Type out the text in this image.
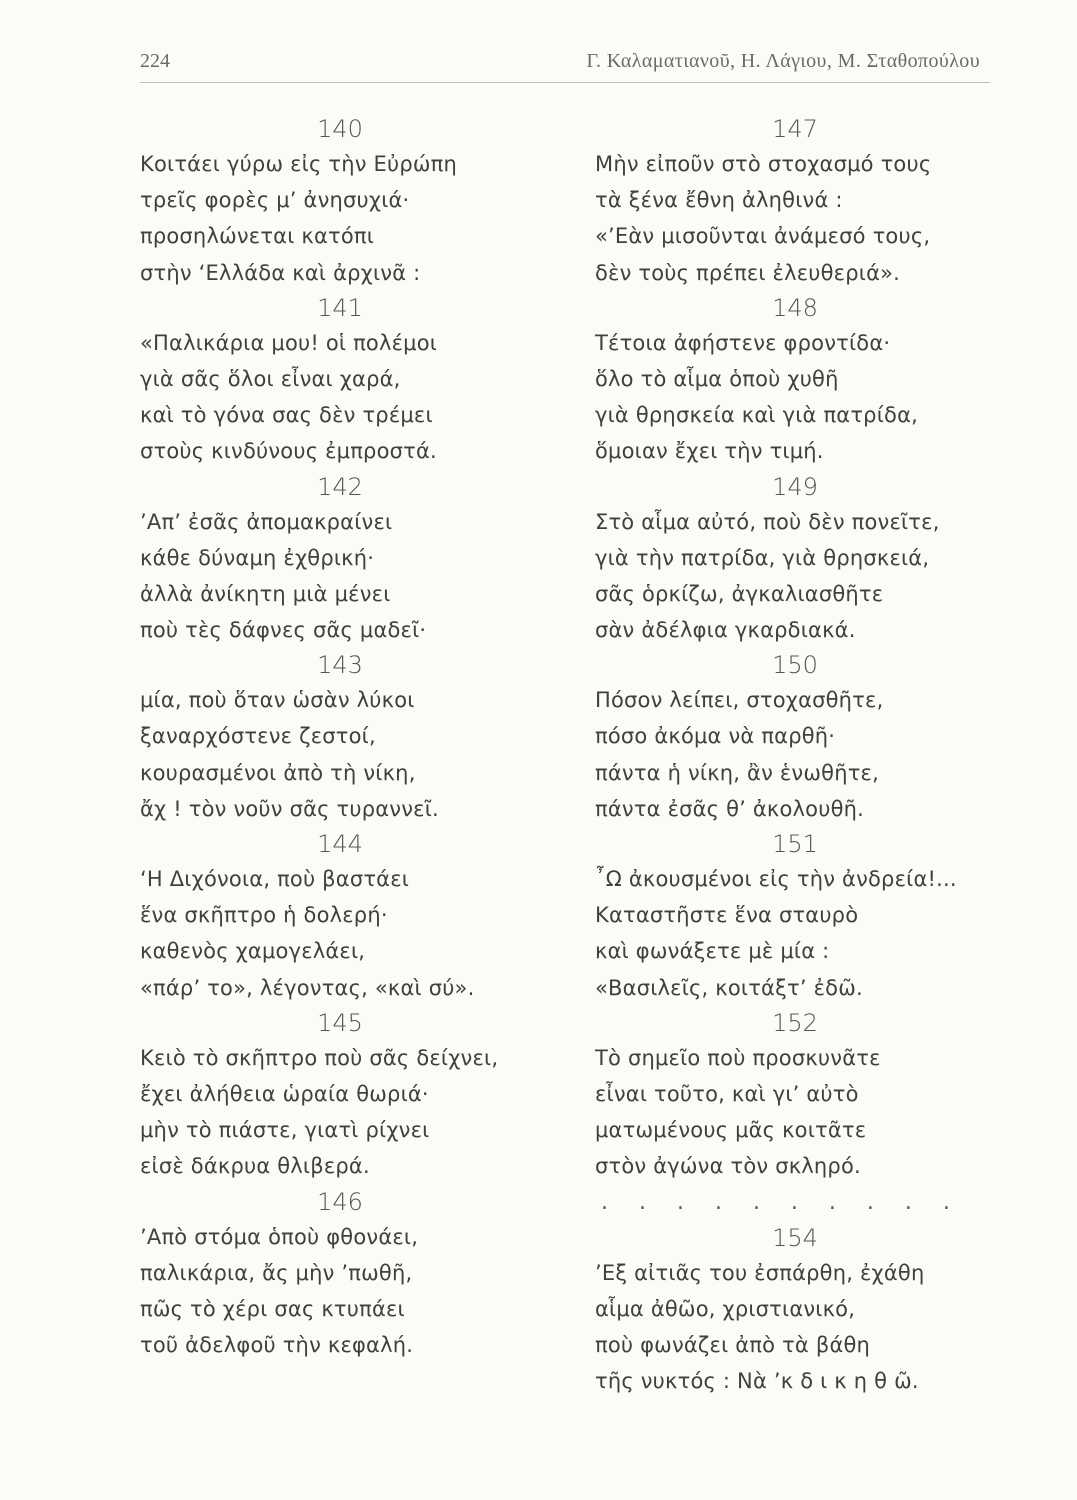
224	Γ. Καλαματιανοῦ, Η. Λάγιου, Μ. Σταθοπούλου
140
Κοιτάει γύρω εἰς τὴν Εὐρώπη
τρεῖς φορὲς μ’ ἀνησυχιά·
προσηλώνεται κατόπι
στὴν ‘Ελλάδα καὶ ἀρχινᾶ :
141
«Παλικάρια μου! οἱ πολέμοι
γιὰ σᾶς ὅλοι εἶναι χαρά,
καὶ τὸ γόνα σας δὲν τρέμει
στοὺς κινδύνους ἐμπροστά.
142
’Απ’ ἐσᾶς ἀπομακραίνει
κάθε δύναμη ἐχθρική·
ἀλλὰ ἀνίκητη μιὰ μένει
ποὺ τὲς δάφνες σᾶς μαδεῖ·
143
μία, ποὺ ὅταν ὡσὰν λύκοι
ξαναρχόστενε ζεστοί,
κουρασμένοι ἀπὸ τὴ νίκη,
ἄχ ! τὸν νοῦν σᾶς τυραννεῖ.
144
‘Η Διχόνοια, ποὺ βαστάει
ἕνα σκῆπτρο ἡ δολερή·
καθενὸς χαμογελάει,
«πάρ’ το», λέγοντας, «καὶ σύ».
145
Κειὸ τὸ σκῆπτρο ποὺ σᾶς δείχνει,
ἔχει ἀλήθεια ὡραία θωριά·
μὴν τὸ πιάστε, γιατὶ ρίχνει
εἰσὲ δάκρυα θλιβερά.
146
’Απὸ στόμα ὁποὺ φθονάει,
παλικάρια, ἄς μὴν ’πωθῆ,
πῶς τὸ χέρι σας κτυπάει
τοῦ ἀδελφοῦ τὴν κεφαλή.
147
Μὴν εἰποῦν στὸ στοχασμό τους
τὰ ξένα ἔθνη ἀληθινά :
«’Εὰν μισοῦνται ἀνάμεσό τους,
δὲν τοὺς πρέπει ἐλευθεριά».
148
Τέτοια ἀφήστενε φροντίδα·
ὅλο τὸ αἷμα ὁποὺ χυθῆ
γιὰ θρησκεία καὶ γιὰ πατρίδα,
ὅμοιαν ἔχει τὴν τιμή.
149
Στὸ αἷμα αὐτό, ποὺ δὲν πονεῖτε,
γιὰ τὴν πατρίδα, γιὰ θρησκειά,
σᾶς ὁρκίζω, ἀγκαλιασθῆτε
σὰν ἀδέλφια γκαρδιακά.
150
Πόσον λείπει, στοχασθῆτε,
πόσο ἀκόμα νὰ παρθῆ·
πάντα ἡ νίκη, ἂν ἑνωθῆτε,
πάντα ἐσᾶς θ’ ἀκολουθῆ.
151
῏Ω ἀκουσμένοι εἰς τὴν ἀνδρεία!...
Καταστῆστε ἕνα σταυρὸ
καὶ φωνάξετε μὲ μία :
«Βασιλεῖς, κοιτάξτ’ ἐδῶ.
152
Τὸ σημεῖο ποὺ προσκυνᾶτε
εἶναι τοῦτο, καὶ γι’ αὐτὸ
ματωμένους μᾶς κοιτᾶτε
στὸν ἀγώνα τὸν σκληρό.
. . . . . . . . . .
154
’Εξ αἰτιᾶς του ἐσπάρθη, ἐχάθη
αἷμα ἀθῶο, χριστιανικό,
ποὺ φωνάζει ἀπὸ τὰ βάθη
τῆς νυκτός : Νὰ ’κ δ ι κ η θ ῶ.
